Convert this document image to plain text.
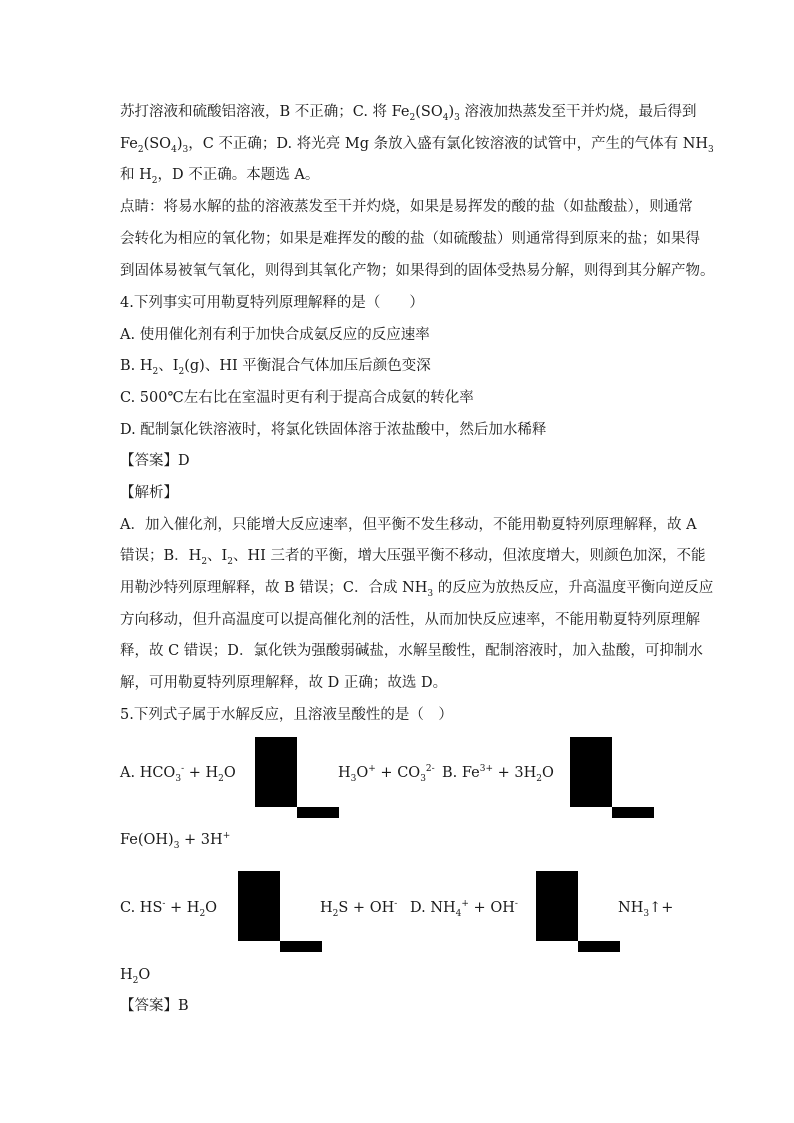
苏打溶液和硫酸铝溶液，B 不正确；C. 将 $Fe_2(SO_4)_3$ 溶液加热蒸发至干并灼烧，最后得到
$Fe_2(SO_4)_3$，C 不正确；D. 将光亮 Mg 条放入盛有氯化铵溶液的试管中，产生的气体有 $NH_3$
和 $H_2$，D 不正确。本题选 A。
点睛：将易水解的盐的溶液蒸发至干并灼烧，如果是易挥发的酸的盐（如盐酸盐），则通常
会转化为相应的氧化物；如果是难挥发的酸的盐（如硫酸盐）则通常得到原来的盐；如果得
到固体易被氧气氧化，则得到其氧化产物；如果得到的固体受热易分解，则得到其分解产物。
4.下列事实可用勒夏特列原理解释的是（　　）
A. 使用催化剂有利于加快合成氨反应的反应速率
B. $H_2$、$I_2(g)$、HI 平衡混合气体加压后颜色变深
C. 500℃左右比在室温时更有利于提高合成氨的转化率
D. 配制氯化铁溶液时，将氯化铁固体溶于浓盐酸中，然后加水稀释
【答案】D
【解析】
A．加入催化剂，只能增大反应速率，但平衡不发生移动，不能用勒夏特列原理解释，故 A
错误；B．$H_2$、$I_2$、HI 三者的平衡，增大压强平衡不移动，但浓度增大，则颜色加深，不能
用勒沙特列原理解释，故 B 错误；C．合成 $NH_3$ 的反应为放热反应，升高温度平衡向逆反应
方向移动，但升高温度可以提高催化剂的活性，从而加快反应速率，不能用勒夏特列原理解
释，故 C 错误；D．氯化铁为强酸弱碱盐，水解呈酸性，配制溶液时，加入盐酸，可抑制水
解，可用勒夏特列原理解释，故 D 正确；故选 D。
5.下列式子属于水解反应，且溶液呈酸性的是（　）
A. $HCO_3^- + H_2O$	$H_3O^+ + CO_3^{2-}$ B. $Fe^{3+} + 3H_2O$
$Fe(OH)_3 + 3H^+$
C. $HS^- + H_2O$	$H_2S + OH^-$ D. $NH_4^+ + OH^-$	$NH_3↑+$
$H_2O$
【答案】B
